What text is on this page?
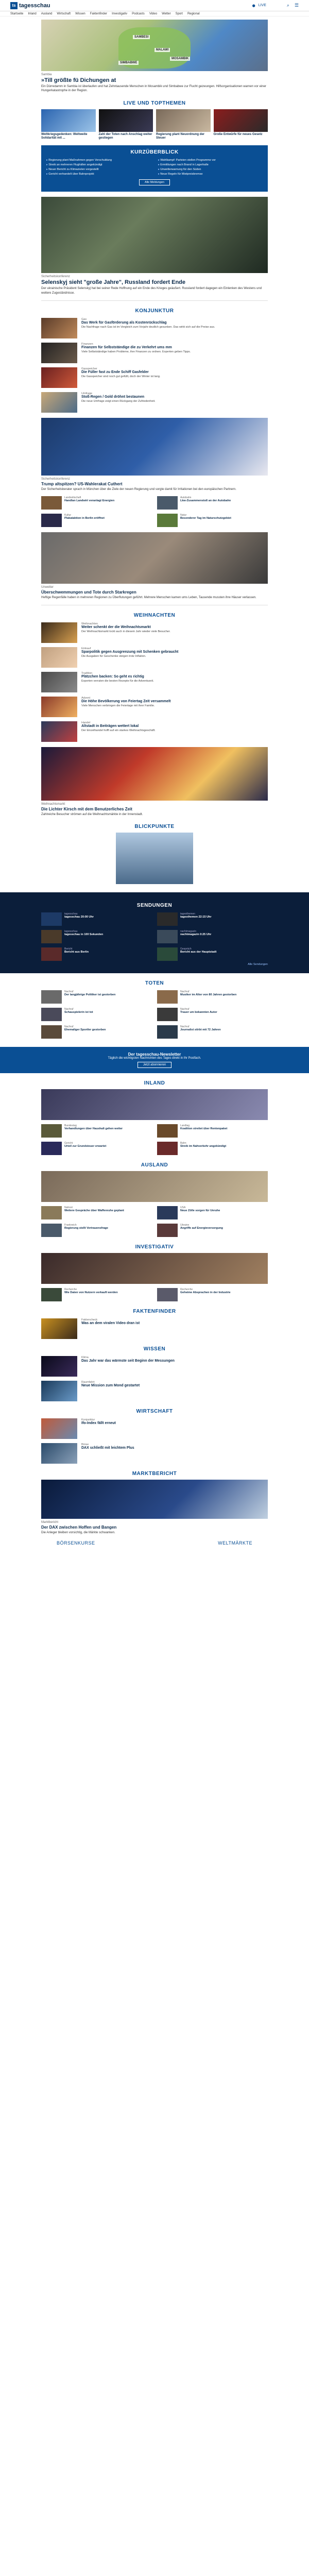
ts tagesschau	● LIVE	⌕ ☰
Startseite Inland Ausland Wirtschaft Wissen Faktenfinder Investigativ Podcasts Video Wetter Sport Regional
SAMBESI
MALAWI
MOSAMBIK
SIMBABWE
Sambia
»Till größte fü Dichungen at
Ein Dürredamm in Sambia ist überlaufen und hat Zehntausende Menschen in Mosambik und Simbabwe zur Flucht gezwungen. Hilfsorganisationen warnen vor einer Hungerkatastrophe in der Region.
LIVE UND TOPTHEMEN
Weltkriegsgedenken: Weltweite Solidarität mit ...
Zahl der Toten nach Anschlag weiter gestiegen
Regierung plant Neuordnung der Steuer
Große Entwürfe für neues Gesetz
KURZÜBERBLICK
▸ Regierung plant Maßnahmen gegen Verschuldung
▸ Streik an mehreren Flughäfen angekündigt
▸ Neuer Bericht zu Klimazielen vorgestellt
▸ Gericht verhandelt über Bahnprojekt
▸ Wahlkampf: Parteien stellen Programme vor
▸ Ermittlungen nach Brand in Lagerhalle
▸ Unwetterwarnung für den Süden
▸ Neue Regeln für Mietpreisbremse
Alle Meldungen
Sicherheitskonferenz
Selenskyj sieht "große Jahre", Russland fordert Ende
Der ukrainische Präsident Selenskyj hat bei seiner Rede Hoffnung auf ein Ende des Krieges geäußert. Russland fordert dagegen ein Einlenken des Westens und weitere Zugeständnisse.
KONJUNKTUR
Gas
Das Werk für Gasförderung als Kostenrückschlag
Die Nachfrage nach Gas ist im Vergleich zum Vorjahr deutlich gesunken. Das wirkt sich auf die Preise aus.
Finanzen
Finanzen für Selbstständige die zu Verkehrt ums mm
Viele Selbstständige haben Probleme, ihre Finanzen zu ordnen. Experten geben Tipps.
Gasspeicher
Die Füller fast zu Ende Schiff Gasfelder
Die Gasspeicher sind noch gut gefüllt, doch der Winter ist lang.
Umfrage
Stoß-Regen / Gold dröhnt bestaunen
Die neue Umfrage zeigt einen Rückgang der Zufriedenheit.
Sicherheitskonferenz
Trump altspitzen? US-Wahlerakat Cuthert
Der Sicherheitsberater sprach in München über die Ziele der neuen Regierung und sorgte damit für Irritationen bei den europäischen Partnern.
Landwirtschaft
Handlan Landwirt veranlagt Energien
Autobahn
Lkw-Zusammenstoß an der Autobahn
Kultur
Plakataktion in Berlin eröffnet
Natur
Besonderer Tag im Naturschutzgebiet
Unwetter
Überschwemmungen und Tote durch Starkregen
Heftige Regenfälle haben in mehreren Regionen zu Überflutungen geführt. Mehrere Menschen kamen ums Leben, Tausende mussten ihre Häuser verlassen.
WEIHNACHTEN
Weihnachten
Weiter schenkt der die Weihnachtsmarkt
Der Weihnachtsmarkt lockt auch in diesem Jahr wieder viele Besucher.
Einkauf
Sparpolitik gegen Ausgrenzung mit Schenken gebraucht
Die Ausgaben für Geschenke steigen trotz Inflation.
Tradition
Plätzchen backen: So geht es richtig
Experten verraten die besten Rezepte für die Adventszeit.
Advent
Die Höhe Bevölkerung von Feiertag Zeit versammelt
Viele Menschen verbringen die Feiertage mit ihrer Familie.
Handel
Altstadt in Beiträgen wettert lokal
Der Einzelhandel hofft auf ein starkes Weihnachtsgeschäft.
Weihnachtsmarkt
Die Lichter Kirsch mit dem Benutzerliches Zeit
Zahlreiche Besucher strömen auf die Weihnachtsmärkte in der Innenstadt.
BLICKPUNKTE
SENDUNGEN
tagesschau
tagesschau 20:00 Uhr
tagesthemen
tagesthemen 22:15 Uhr
tagesschau
tagesschau in 100 Sekunden
nachtmagazin
nachtmagazin 0:25 Uhr
Bericht
Bericht aus Berlin
Gespräch
Bericht aus der Hauptstadt
Alle Sendungen
TOTEN
Nachruf
Der langjährige Politiker ist gestorben
Nachruf
Musiker im Alter von 80 Jahren gestorben
Nachruf
Schauspielerin ist tot
Nachruf
Trauer um bekannten Autor
Nachruf
Ehemaliger Sportler gestorben
Nachruf
Journalist stirbt mit 72 Jahren
Der tagesschau-Newsletter
Täglich die wichtigsten Nachrichten des Tages direkt in Ihr Postfach.
Jetzt abonnieren
INLAND
Bundestag
Verhandlungen über Haushalt gehen weiter
Landtag
Koalition streitet über Rentenpaket
Gericht
Urteil zur Grundsteuer erwartet
Bahn
Streik im Nahverkehr angekündigt
AUSLAND
Nahost
Weitere Gespräche über Waffenruhe geplant
USA
Neue Zölle sorgen für Unruhe
Frankreich
Regierung stellt Vertrauensfrage
Ukraine
Angriffe auf Energieversorgung
INVESTIGATIV
Recherche
Wie Daten von Nutzern verkauft werden
Recherche
Geheime Absprachen in der Industrie
FAKTENFINDER
Faktencheck
Was an dem viralen Video dran ist
WISSEN
Klima
Das Jahr war das wärmste seit Beginn der Messungen
Raumfahrt
Neue Mission zum Mond gestartet
WIRTSCHAFT
Konjunktur
Ifo-Index fällt erneut
Börse
DAX schließt mit leichtem Plus
MARKTBERICHT
Marktbericht
Der DAX zwischen Hoffen und Bangen
Die Anleger bleiben vorsichtig, die Märkte schwanken.
BÖRSENKURSE	WELTMÄRKTE
